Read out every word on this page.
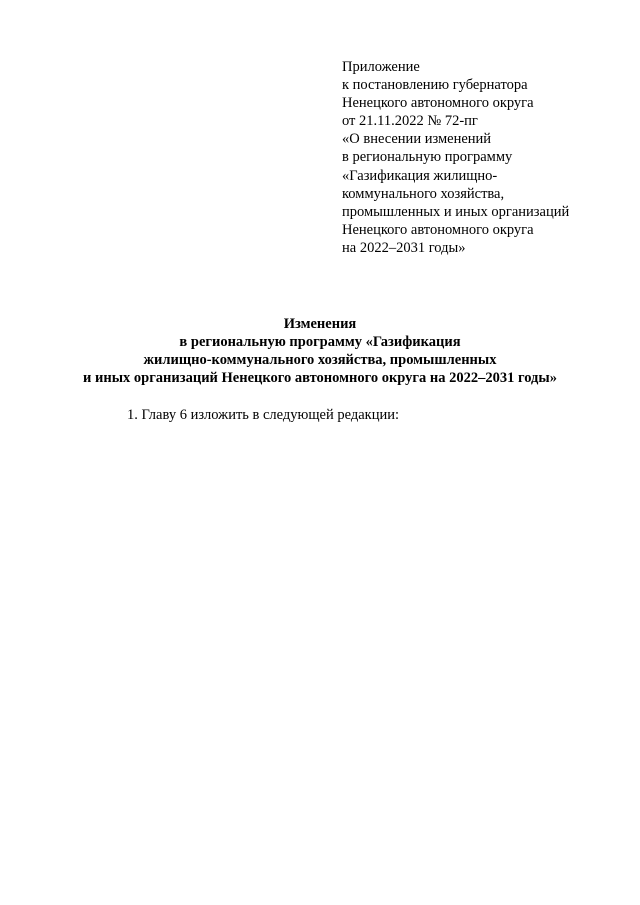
Приложение
к постановлению губернатора
Ненецкого автономного округа
от 21.11.2022 № 72-пг
«О внесении изменений
в региональную программу
«Газификация жилищно-
коммунального хозяйства,
промышленных и иных организаций
Ненецкого автономного округа
на 2022–2031 годы»
Изменения
в региональную программу «Газификация
жилищно-коммунального хозяйства, промышленных
и иных организаций Ненецкого автономного округа на 2022–2031 годы»
1. Главу 6 изложить в следующей редакции:
